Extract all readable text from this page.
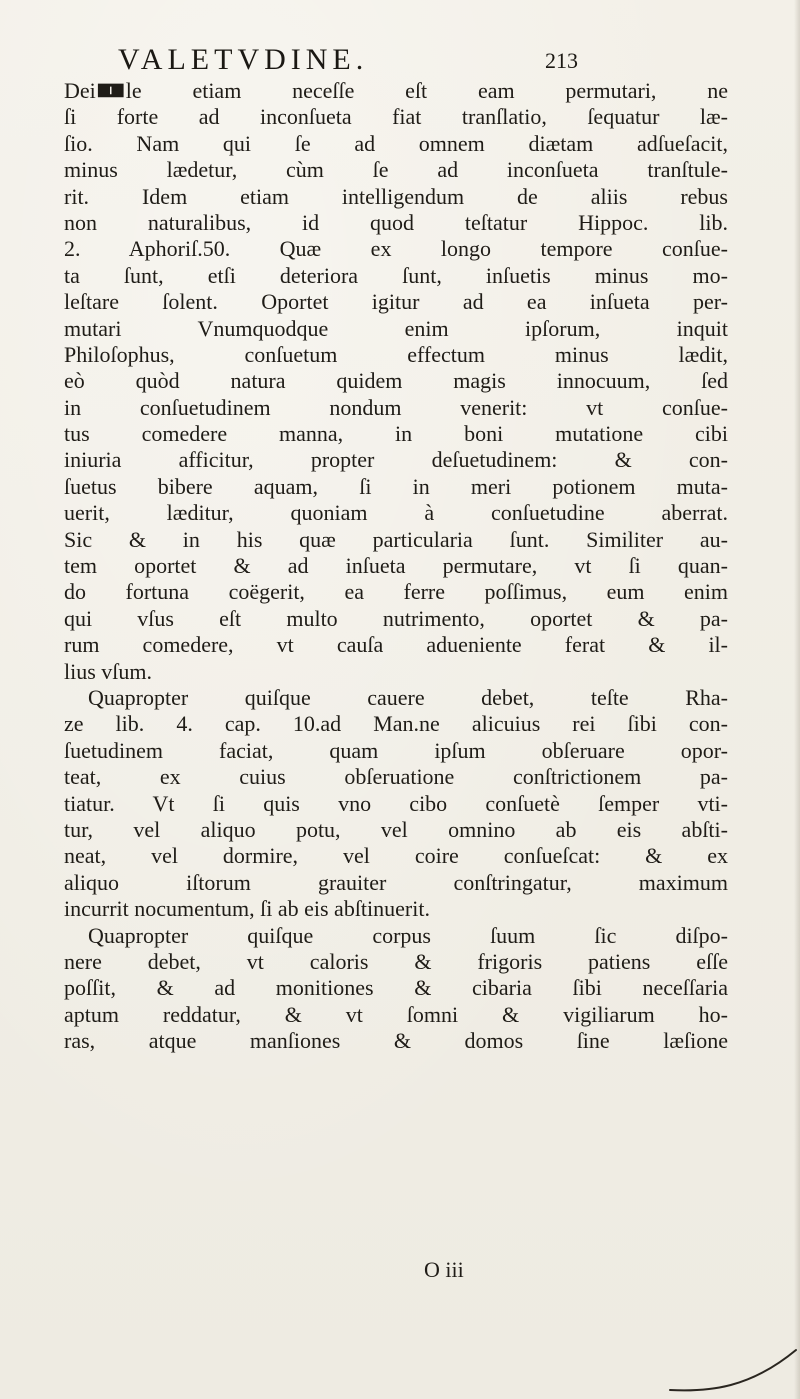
VALETVDINE.	213
Dei🀰le etiam neceſſe eſt eam permutari, ne
ſi forte ad inconſueta fiat tranſlatio, ſequatur læ-
ſio. Nam qui ſe ad omnem diætam adſueſacit,
minus lædetur, cùm ſe ad inconſueta tranſtule-
rit. Idem etiam intelligendum de aliis rebus
non naturalibus, id quod teſtatur Hippoc. lib.
2. Aphoriſ.50. Quæ ex longo tempore conſue-
ta ſunt, etſi deteriora ſunt, inſuetis minus mo-
leſtare ſolent. Oportet igitur ad ea inſueta per-
mutari Vnumquodque enim ipſorum, inquit
Philoſophus, conſuetum effectum minus lædit,
eò quòd natura quidem magis innocuum, ſed
in conſuetudinem nondum venerit: vt conſue-
tus comedere manna, in boni mutatione cibi
iniuria afficitur, propter deſuetudinem: & con-
ſuetus bibere aquam, ſi in meri potionem muta-
uerit, læditur, quoniam à conſuetudine aberrat.
Sic & in his quæ particularia ſunt. Similiter au-
tem oportet & ad inſueta permutare, vt ſi quan-
do fortuna coëgerit, ea ferre poſſimus, eum enim
qui vſus eſt multo nutrimento, oportet & pa-
rum comedere, vt cauſa adueniente ferat & il-
lius vſum.
Quapropter quiſque cauere debet, teſte Rha-
ze lib. 4. cap. 10.ad Man.ne alicuius rei ſibi con-
ſuetudinem faciat, quam ipſum obſeruare opor-
teat, ex cuius obſeruatione conſtrictionem pa-
tiatur. Vt ſi quis vno cibo conſuetè ſemper vti-
tur, vel aliquo potu, vel omnino ab eis abſti-
neat, vel dormire, vel coire conſueſcat: & ex
aliquo iſtorum grauiter conſtringatur, maximum
incurrit nocumentum, ſi ab eis abſtinuerit.
Quapropter quiſque corpus ſuum ſic diſpo-
nere debet, vt caloris & frigoris patiens eſſe
poſſit, & ad monitiones & cibaria ſibi neceſſaria
aptum reddatur, & vt ſomni & vigiliarum ho-
ras, atque manſiones & domos ſine læſione
O iii
